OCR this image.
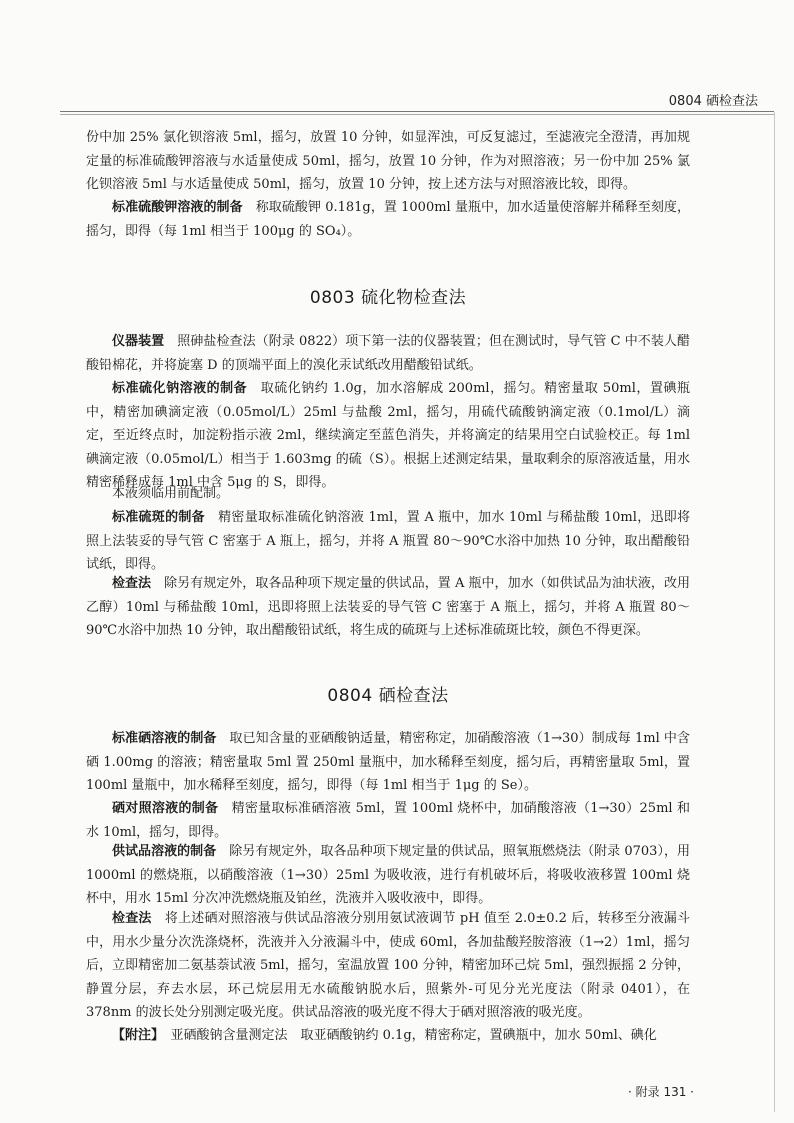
0804 硒检查法
份中加 25% 氯化钡溶液 5ml，摇匀，放置 10 分钟，如显浑浊，可反复滤过，至滤液完全澄清，再加规定量的标准硫酸钾溶液与水适量使成 50ml，摇匀，放置 10 分钟，作为对照溶液；另一份中加 25% 氯化钡溶液 5ml 与水适量使成 50ml，摇匀，放置 10 分钟，按上述方法与对照溶液比较，即得。
标准硫酸钾溶液的制备　称取硫酸钾 0.181g，置 1000ml 量瓶中，加水适量使溶解并稀释至刻度，摇匀，即得（每 1ml 相当于 100μg 的 SO₄）。
0803 硫化物检查法
仪器装置　照砷盐检查法（附录 0822）项下第一法的仪器装置；但在测试时，导气管 C 中不装人醋酸铅棉花，并将旋塞 D 的顶端平面上的溴化汞试纸改用醋酸铅试纸。
标准硫化钠溶液的制备　取硫化钠约 1.0g，加水溶解成 200ml，摇匀。精密量取 50ml，置碘瓶中，精密加碘滴定液（0.05mol/L）25ml 与盐酸 2ml，摇匀，用硫代硫酸钠滴定液（0.1mol/L）滴定，至近终点时，加淀粉指示液 2ml，继续滴定至蓝色消失，并将滴定的结果用空白试验校正。每 1ml 碘滴定液（0.05mol/L）相当于 1.603mg 的硫（S）。根据上述测定结果，量取剩余的原溶液适量，用水精密稀释成每 1ml 中含 5μg 的 S，即得。
本液须临用前配制。
标准硫斑的制备　精密量取标准硫化钠溶液 1ml，置 A 瓶中，加水 10ml 与稀盐酸 10ml，迅即将照上法装妥的导气管 C 密塞于 A 瓶上，摇匀，并将 A 瓶置 80～90℃水浴中加热 10 分钟，取出醋酸铅试纸，即得。
检查法　除另有规定外，取各品种项下规定量的供试品，置 A 瓶中，加水（如供试品为油状液，改用乙醇）10ml 与稀盐酸 10ml，迅即将照上法装妥的导气管 C 密塞于 A 瓶上，摇匀，并将 A 瓶置 80～90℃水浴中加热 10 分钟，取出醋酸铅试纸，将生成的硫斑与上述标准硫斑比较，颜色不得更深。
0804 硒检查法
标准硒溶液的制备　取已知含量的亚硒酸钠适量，精密称定，加硝酸溶液（1→30）制成每 1ml 中含硒 1.00mg 的溶液；精密量取 5ml 置 250ml 量瓶中，加水稀释至刻度，摇匀后，再精密量取 5ml，置 100ml 量瓶中，加水稀释至刻度，摇匀，即得（每 1ml 相当于 1μg 的 Se）。
硒对照溶液的制备　精密量取标准硒溶液 5ml，置 100ml 烧杯中，加硝酸溶液（1→30）25ml 和水 10ml，摇匀，即得。
供试品溶液的制备　除另有规定外，取各品种项下规定量的供试品，照氧瓶燃烧法（附录 0703），用 1000ml 的燃烧瓶，以硝酸溶液（1→30）25ml 为吸收液，进行有机破坏后，将吸收液移置 100ml 烧杯中，用水 15ml 分次冲洗燃烧瓶及铂丝，洗液并入吸收液中，即得。
检查法　将上述硒对照溶液与供试品溶液分别用氨试液调节 pH 值至 2.0±0.2 后，转移至分液漏斗中，用水少量分次洗涤烧杯，洗液并入分液漏斗中，使成 60ml，各加盐酸羟胺溶液（1→2）1ml，摇匀后，立即精密加二氨基萘试液 5ml，摇匀，室温放置 100 分钟，精密加环己烷 5ml，强烈振摇 2 分钟，静置分层，弃去水层，环己烷层用无水硫酸钠脱水后，照紫外-可见分光光度法（附录 0401），在 378nm 的波长处分别测定吸光度。供试品溶液的吸光度不得大于硒对照溶液的吸光度。
【附注】　亚硒酸钠含量测定法　取亚硒酸钠约 0.1g，精密称定，置碘瓶中，加水 50ml、碘化
· 附录 131 ·
